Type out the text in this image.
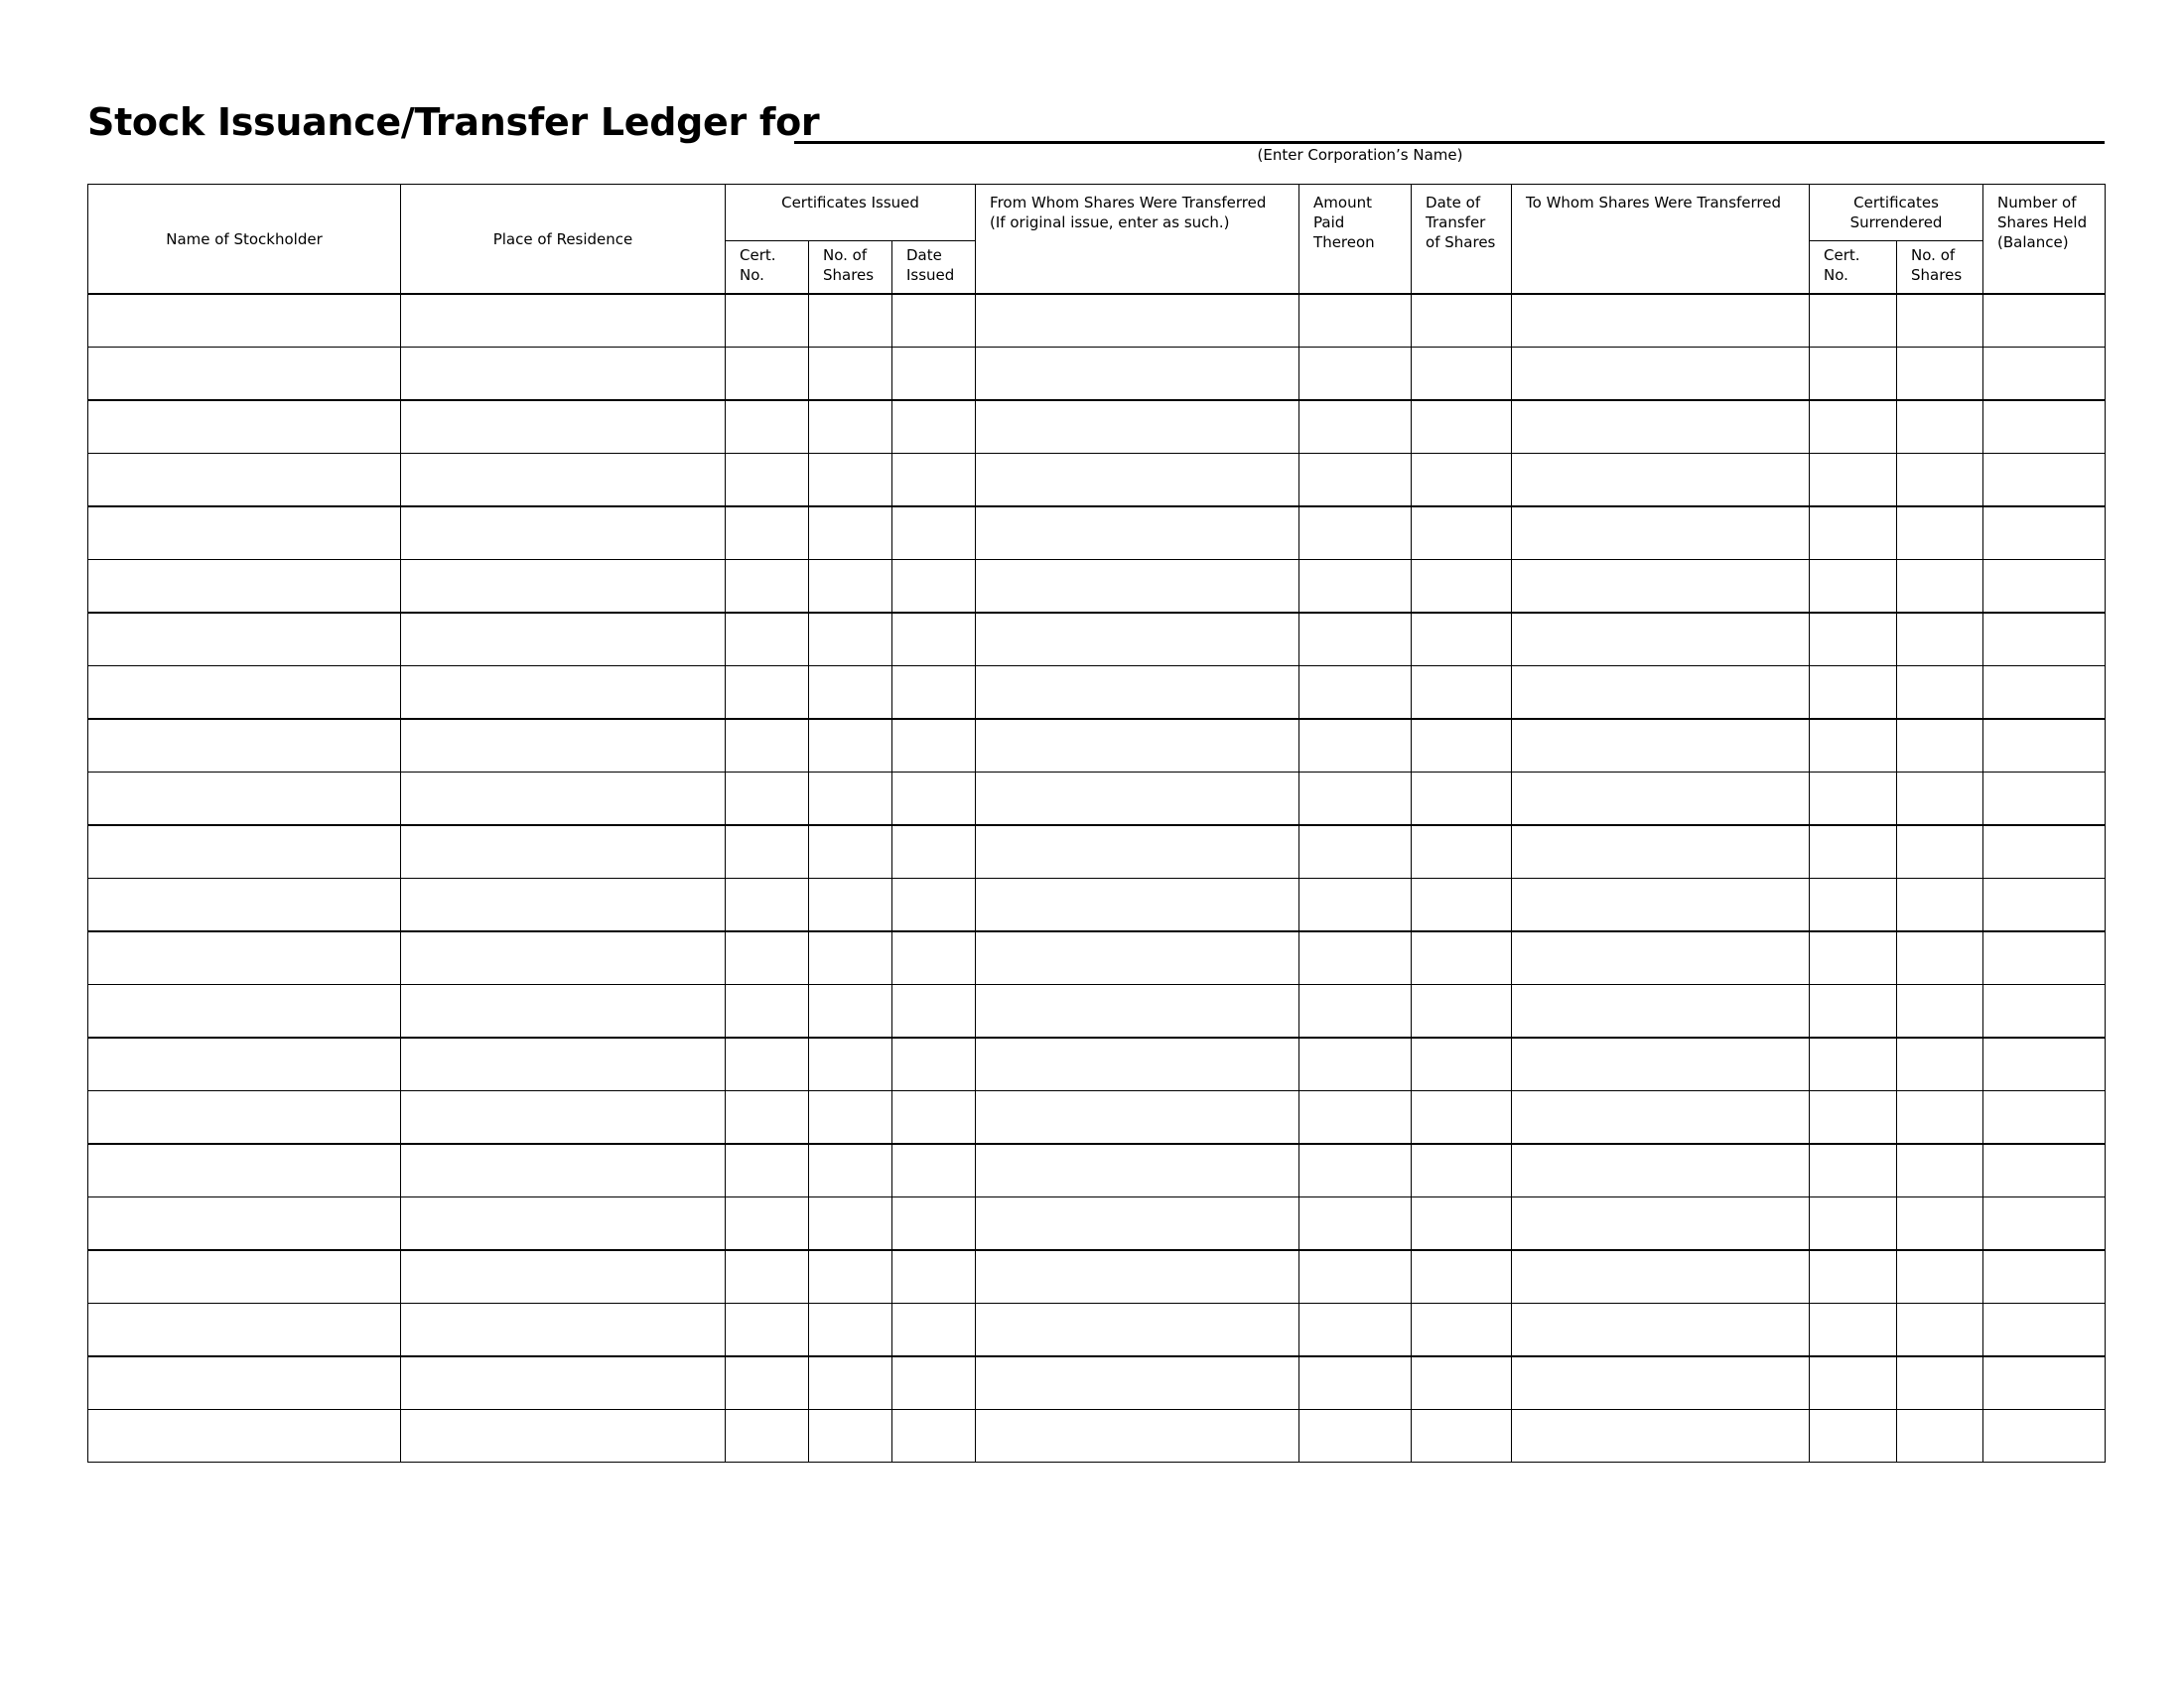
Stock Issuance/Transfer Ledger for
(Enter Corporation’s Name)
Name of Stockholder	Place of Residence	Certificates Issued			From Whom Shares Were Transferred (If original issue, enter as such.)	Amount Paid Thereon	Date of Transfer of Shares	To Whom Shares Were Transferred	Certificates Surrendered		Number of Shares Held (Balance)
		Cert. No.	No. of Shares	Date Issued					Cert. No.	No. of Shares	
